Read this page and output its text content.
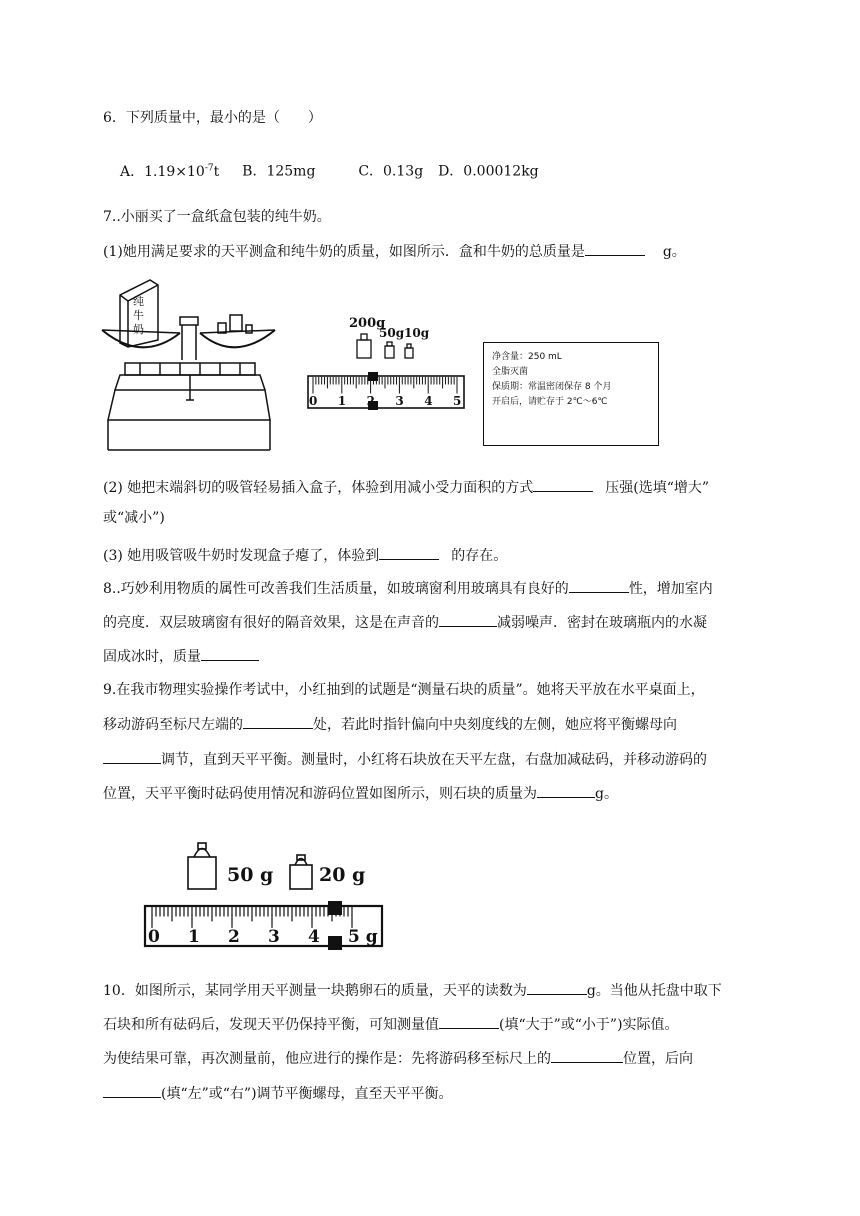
6．下列质量中，最小的是（　　）
A．$1.19\times 10^{-7}t$ B．125mg	C．0.13g D．0.00012kg
7..小丽买了一盒纸盒包装的纯牛奶。
(1)她用满足要求的天平测盒和纯牛奶的质量，如图所示．盒和牛奶的总质量是	g。
纯
牛
奶	200g
50g 10g
0 1 2 3 4 5
净含量：250 mL
全脂灭菌
保质期：常温密闭保存 8 个月
开启后，请贮存于 2℃～6℃
(2) 她把末端斜切的吸管轻易插入盒子，体验到用减小受力面积的方式	压强(选填“增大”
或“减小”)
(3) 她用吸管吸牛奶时发现盒子瘪了，体验到	的存在。
8..巧妙利用物质的属性可改善我们生活质量，如玻璃窗利用玻璃具有良好的	性，增加室内
的亮度．双层玻璃窗有很好的隔音效果，这是在声音的	减弱噪声．密封在玻璃瓶内的水凝
固成冰时，质量
9.在我市物理实验操作考试中，小红抽到的试题是“测量石块的质量”。她将天平放在水平桌面上，
移动游码至标尺左端的	处，若此时指针偏向中央刻度线的左侧，她应将平衡螺母向
调节，直到天平平衡。测量时，小红将石块放在天平左盘，右盘加减砝码，并移动游码的
位置，天平平衡时砝码使用情况和游码位置如图所示，则石块的质量为	g。
50 g 20 g
0 1 2 3 4 5 g
10．如图所示，某同学用天平测量一块鹅卵石的质量，天平的读数为	g。当他从托盘中取下
石块和所有砝码后，发现天平仍保持平衡，可知测量值	(填“大于”或“小于”)实际值。
为使结果可靠，再次测量前，他应进行的操作是：先将游码移至标尺上的	位置，后向
(填“左”或“右”)调节平衡螺母，直至天平平衡。
